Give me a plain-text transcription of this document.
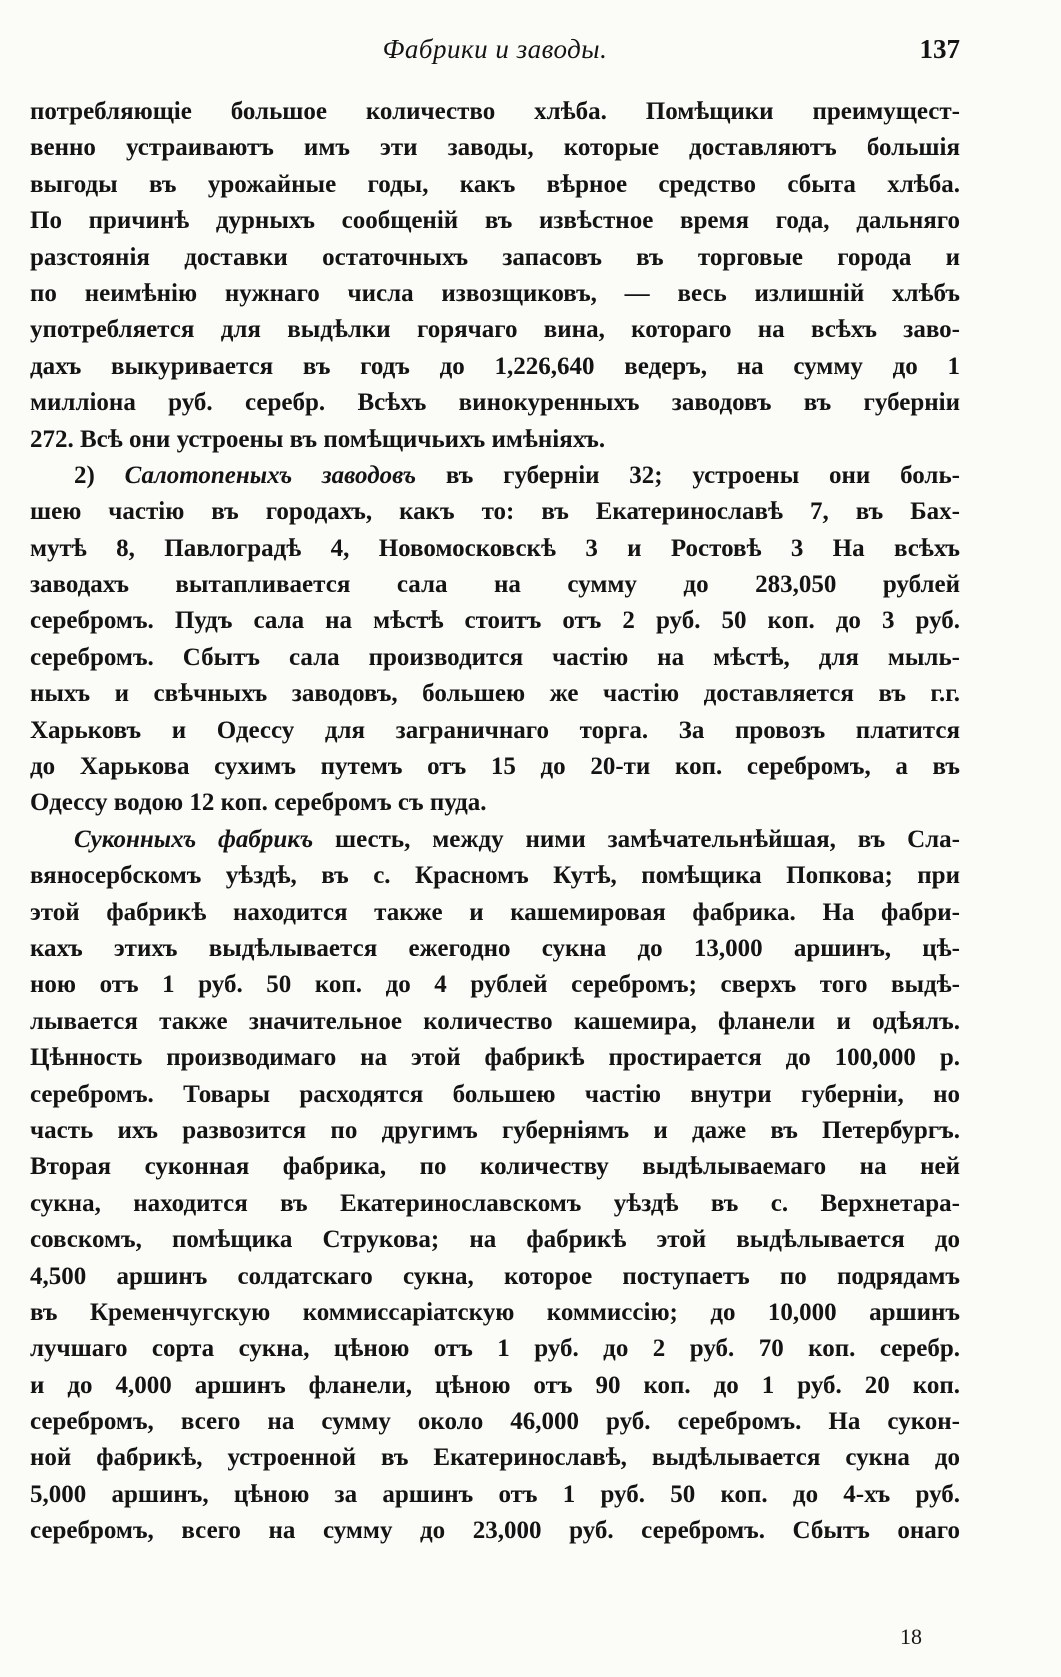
Фабрики и заводы.	137
потребляющіе большое количество хлѣба. Помѣщики преимущест-
венно устраиваютъ имъ эти заводы, которые доставляютъ большія
выгоды въ урожайные годы, какъ вѣрное средство сбыта хлѣба.
По причинѣ дурныхъ сообщеній въ извѣстное время года, дальняго
разстоянія доставки остаточныхъ запасовъ въ торговые города и
по неимѣнію нужнаго числа извозщиковъ, — весь излишній хлѣбъ
употребляется для выдѣлки горячаго вина, котораго на всѣхъ заво-
дахъ выкуривается въ годъ до 1,226,640 ведеръ, на сумму до 1
милліона руб. серебр. Всѣхъ винокуренныхъ заводовъ въ губерніи
272. Всѣ они устроены въ помѣщичьихъ имѣніяхъ.
2) Салотопеныхъ заводовъ въ губерніи 32; устроены они боль-
шею частію въ городахъ, какъ то: въ Екатеринославѣ 7, въ Бах-
мутѣ 8, Павлоградѣ 4, Новомосковскѣ 3 и Ростовѣ 3 На всѣхъ
заводахъ вытапливается сала на сумму до 283,050 рублей
серебромъ. Пудъ сала на мѣстѣ стоитъ отъ 2 руб. 50 коп. до 3 руб.
серебромъ. Сбытъ сала производится частію на мѣстѣ, для мыль-
ныхъ и свѣчныхъ заводовъ, большею же частію доставляется въ г.г.
Харьковъ и Одессу для заграничнаго торга. За провозъ платится
до Харькова сухимъ путемъ отъ 15 до 20-ти коп. серебромъ, а въ
Одессу водою 12 коп. серебромъ съ пуда.
Суконныхъ фабрикъ шесть, между ними замѣчательнѣйшая, въ Сла-
вяносербскомъ уѣздѣ, въ с. Красномъ Кутѣ, помѣщика Попкова; при
этой фабрикѣ находится также и кашемировая фабрика. На фабри-
кахъ этихъ выдѣлывается ежегодно сукна до 13,000 аршинъ, цѣ-
ною отъ 1 руб. 50 коп. до 4 рублей серебромъ; сверхъ того выдѣ-
лывается также значительное количество кашемира, фланели и одѣялъ.
Цѣнность производимаго на этой фабрикѣ простирается до 100,000 р.
серебромъ. Товары расходятся большею частію внутри губерніи, но
часть ихъ развозится по другимъ губерніямъ и даже въ Петербургъ.
Вторая суконная фабрика, по количеству выдѣлываемаго на ней
сукна, находится въ Екатеринославскомъ уѣздѣ въ с. Верхнетара-
совскомъ, помѣщика Струкова; на фабрикѣ этой выдѣлывается до
4,500 аршинъ солдатскаго сукна, которое поступаетъ по подрядамъ
въ Кременчугскую коммиссаріатскую коммиссію; до 10,000 аршинъ
лучшаго сорта сукна, цѣною отъ 1 руб. до 2 руб. 70 коп. серебр.
и до 4,000 аршинъ фланели, цѣною отъ 90 коп. до 1 руб. 20 коп.
серебромъ, всего на сумму около 46,000 руб. серебромъ. На сукон-
ной фабрикѣ, устроенной въ Екатеринославѣ, выдѣлывается сукна до
5,000 аршинъ, цѣною за аршинъ отъ 1 руб. 50 коп. до 4-хъ руб.
серебромъ, всего на сумму до 23,000 руб. серебромъ. Сбытъ онаго
18
